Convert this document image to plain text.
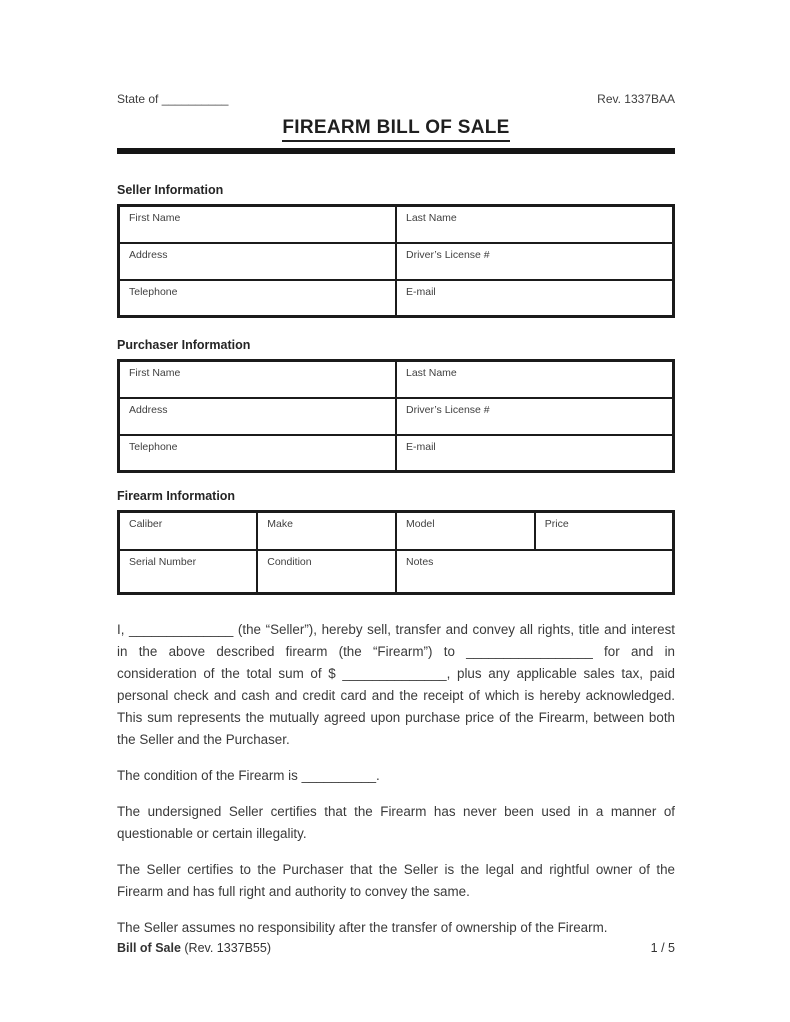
State of __________	Rev. 1337BAA
FIREARM BILL OF SALE
Seller Information
First Name	Last Name
Address	Driver’s License #
Telephone	E-mail
Purchaser Information
First Name	Last Name
Address	Driver’s License #
Telephone	E-mail
Firearm Information
Caliber	Make	Model	Price
Serial Number	Condition	Notes	

I, ______________ (the “Seller”), hereby sell, transfer and convey all rights, title and interest in the above described firearm (the “Firearm”) to _________________ for and in consideration of the total sum of $ ______________, plus any applicable sales tax, paid personal check and cash and credit card and the receipt of which is hereby acknowledged. This sum represents the mutually agreed upon purchase price of the Firearm, between both the Seller and the Purchaser.

The condition of the Firearm is __________.

The undersigned Seller certifies that the Firearm has never been used in a manner of questionable or certain illegality.

The Seller certifies to the Purchaser that the Seller is the legal and rightful owner of the Firearm and has full right and authority to convey the same.

The Seller assumes no responsibility after the transfer of ownership of the Firearm.

Bill of Sale (Rev. 1337B55)	1 / 5
